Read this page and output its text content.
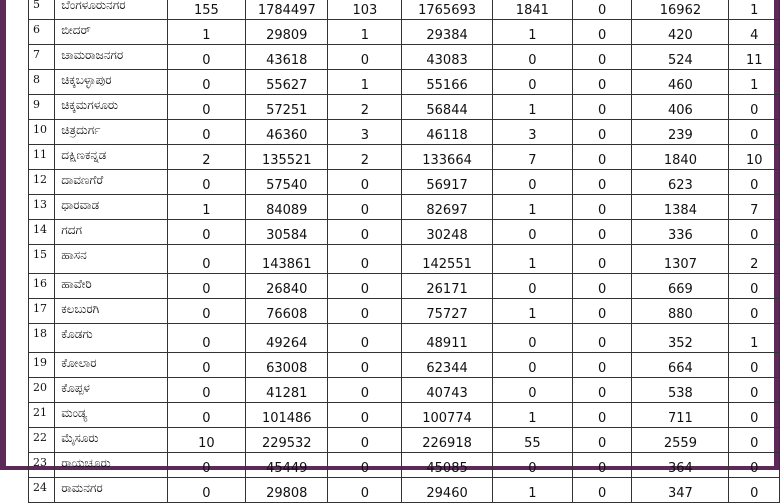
5	ಬೆಂಗಳೂರುನಗರ	155	1784497	103	1765693	1841	0	16962	1
6	ಬೀದರ್	1	29809	1	29384	1	0	420	4
7	ಚಾಮರಾಜನಗರ	0	43618	0	43083	0	0	524	11
8	ಚಿಕ್ಕಬಳ್ಳಾಪುರ	0	55627	1	55166	0	0	460	1
9	ಚಿಕ್ಕಮಗಳೂರು	0	57251	2	56844	1	0	406	0
10	ಚಿತ್ರದುರ್ಗ	0	46360	3	46118	3	0	239	0
11	ದಕ್ಷಿಣಕನ್ನಡ	2	135521	2	133664	7	0	1840	10
12	ದಾವಣಗೆರೆ	0	57540	0	56917	0	0	623	0
13	ಧಾರವಾಡ	1	84089	0	82697	1	0	1384	7
14	ಗದಗ	0	30584	0	30248	0	0	336	0
15	ಹಾಸನ	0	143861	0	142551	1	0	1307	2
16	ಹಾವೇರಿ	0	26840	0	26171	0	0	669	0
17	ಕಲಬುರಗಿ	0	76608	0	75727	1	0	880	0
18	ಕೊಡಗು	0	49264	0	48911	0	0	352	1
19	ಕೋಲಾರ	0	63008	0	62344	0	0	664	0
20	ಕೊಪ್ಪಳ	0	41281	0	40743	0	0	538	0
21	ಮಂಡ್ಯ	0	101486	0	100774	1	0	711	0
22	ಮೈಸೂರು	10	229532	0	226918	55	0	2559	0
23	ರಾಯಚೂರು	0	45449	0	45085	0	0	364	0
24	ರಾಮನಗರ	0	29808	0	29460	1	0	347	0
